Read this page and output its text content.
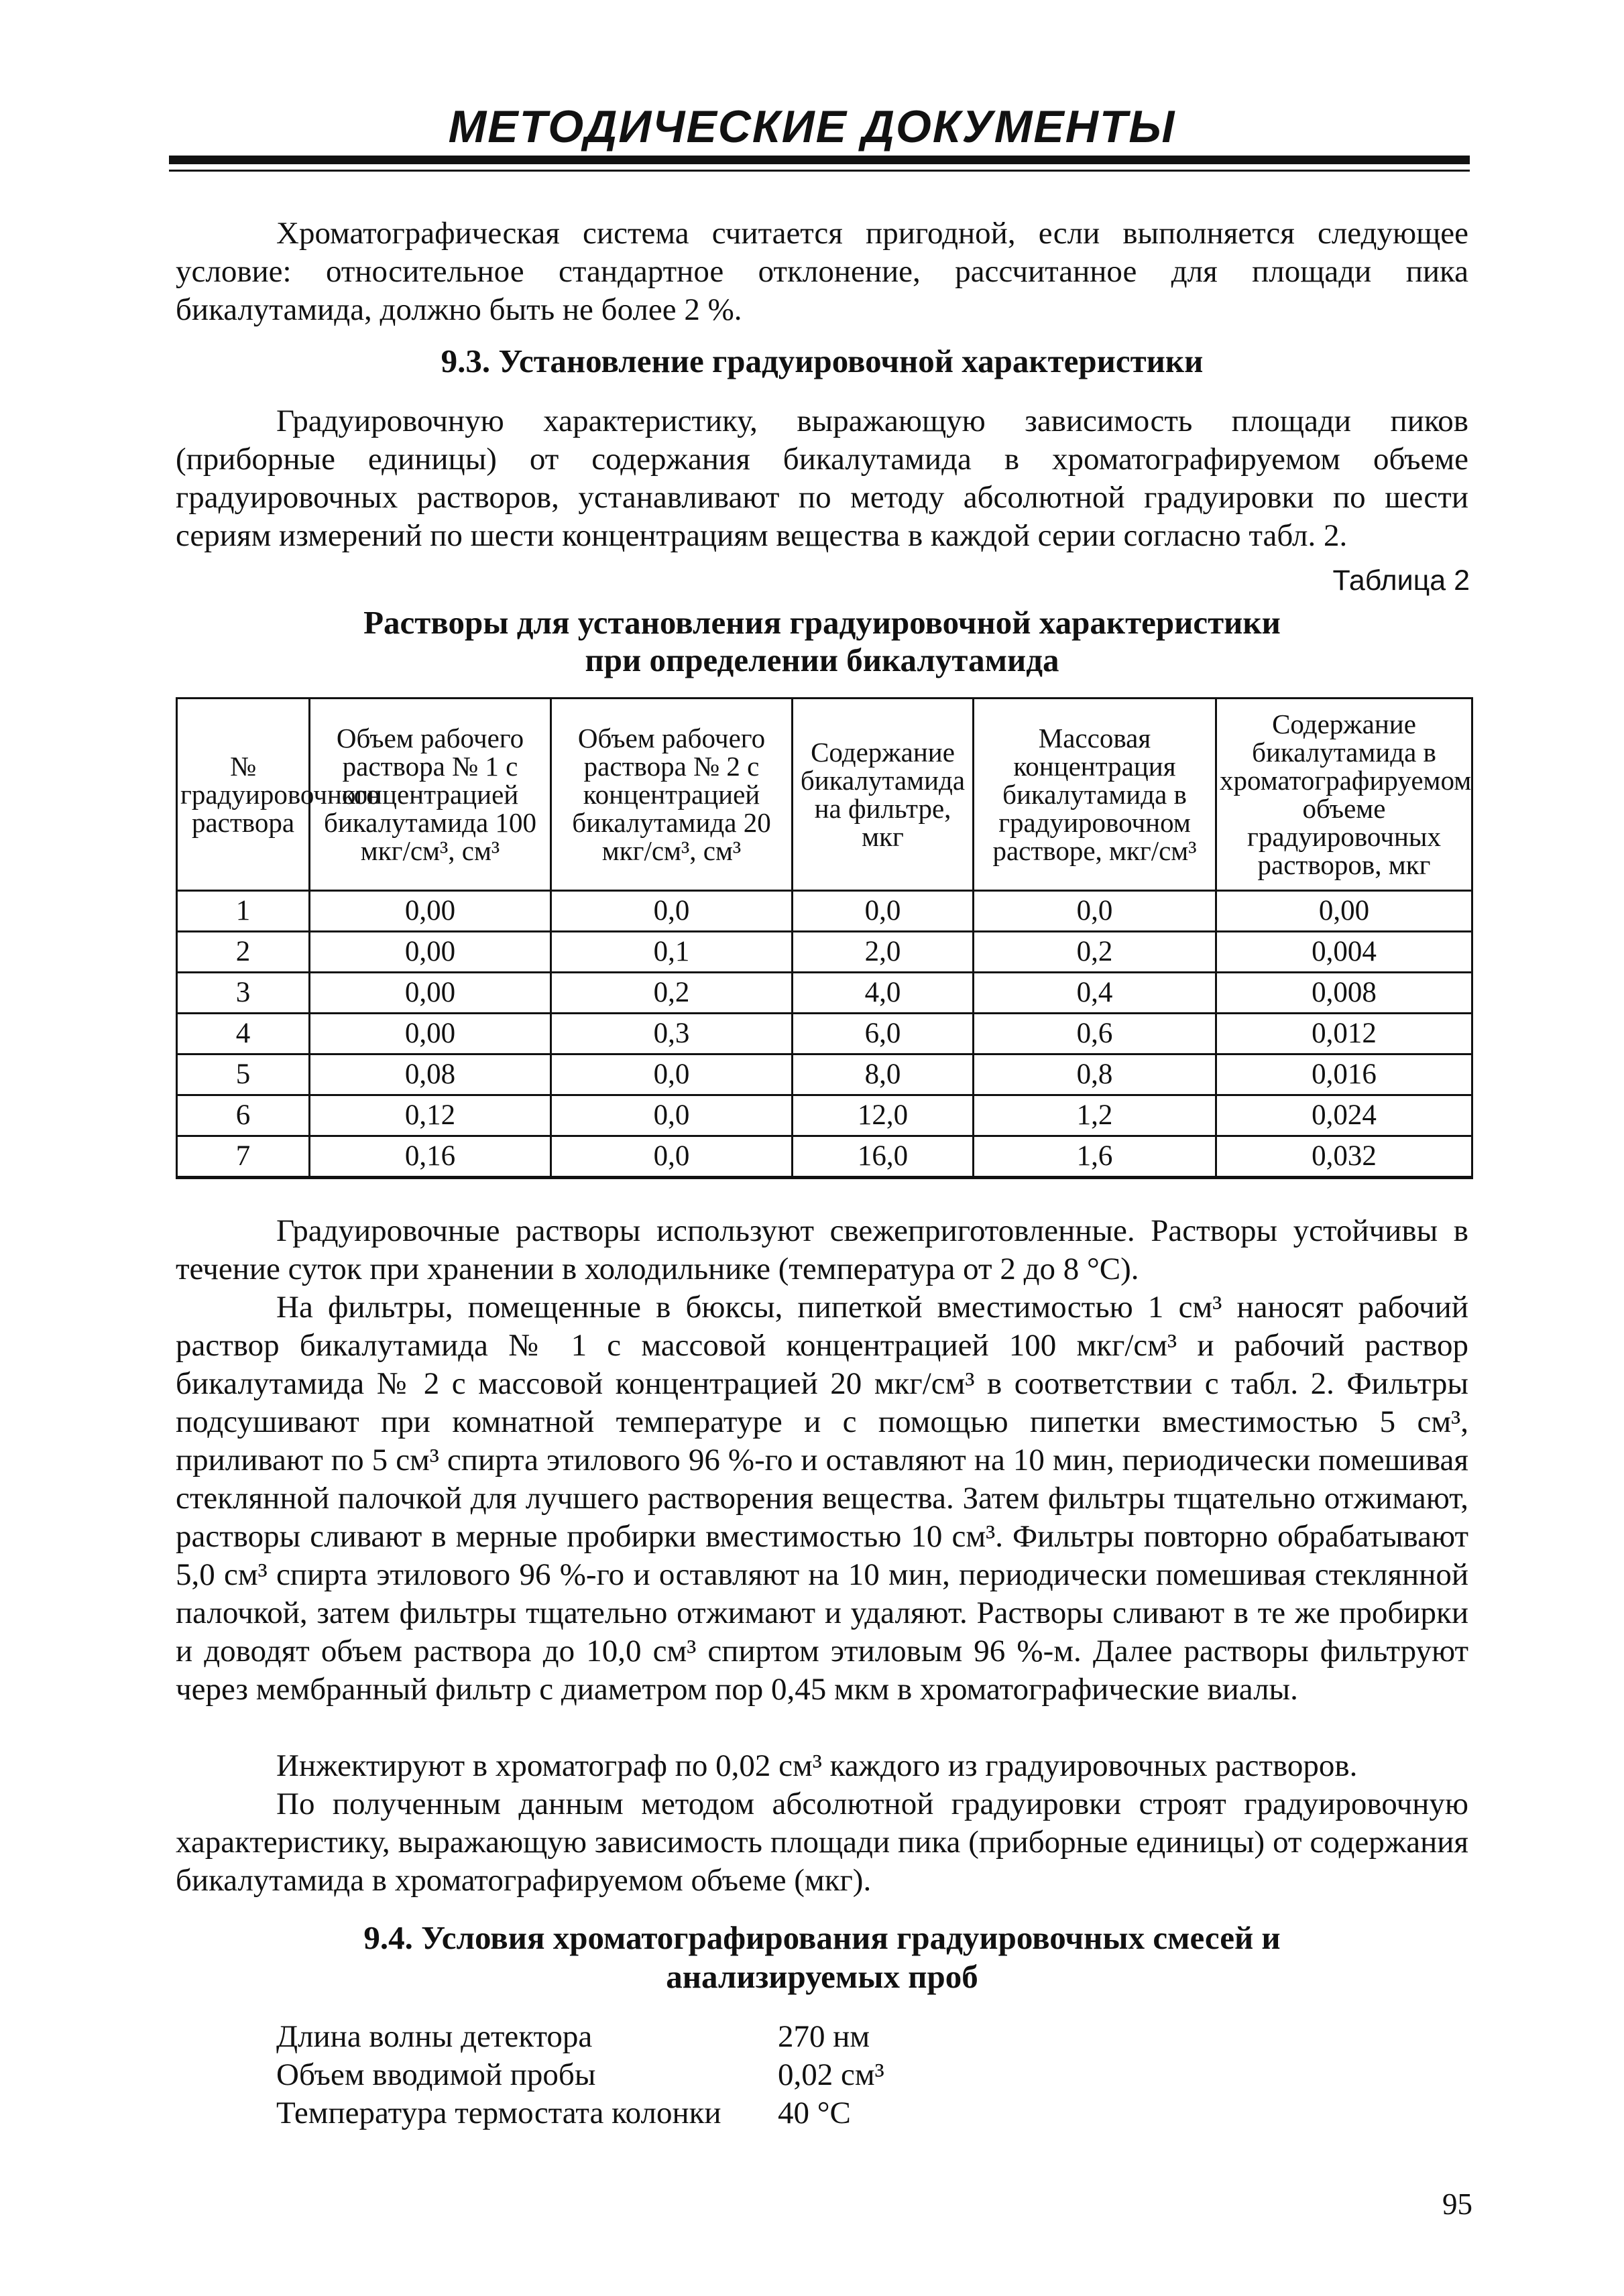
МЕТОДИЧЕСКИЕ ДОКУМЕНТЫ

Хроматографическая система считается пригодной, если выполняется следующее условие: относительное стандартное отклонение, рассчитанное для площади пика бикалутамида, должно быть не более 2 %.

9.3. Установление градуировочной характеристики

Градуировочную характеристику, выражающую зависимость площади пиков (приборные единицы) от содержания бикалутамида в хроматографируемом объеме градуировочных растворов, устанавливают по методу абсолютной градуировки по шести сериям измерений по шести концентрациям вещества в каждой серии согласно табл. 2.

Таблица 2

Растворы для установления градуировочной характеристики

при определении бикалутамида

№ градуировочного раствора	Объем рабочего раствора № 1 с концентрацией бикалутамида 100 мкг/см³, см³	Объем рабочего раствора № 2 с концентрацией бикалутамида 20 мкг/см³, см³	Содержание бикалутамида на фильтре, мкг	Массовая концентрация бикалутамида в градуировочном растворе, мкг/см³	Содержание бикалутамида в хроматографируемом объеме градуировочных растворов, мкг
1	0,00	0,0	0,0	0,0	0,00
2	0,00	0,1	2,0	0,2	0,004
3	0,00	0,2	4,0	0,4	0,008
4	0,00	0,3	6,0	0,6	0,012
5	0,08	0,0	8,0	0,8	0,016
6	0,12	0,0	12,0	1,2	0,024
7	0,16	0,0	16,0	1,6	0,032

Градуировочные растворы используют свежеприготовленные. Растворы устойчивы в течение суток при хранении в холодильнике (температура от 2 до 8 °С).

На фильтры, помещенные в бюксы, пипеткой вместимостью 1 см³ наносят рабочий раствор бикалутамида № 1 с массовой концентрацией 100 мкг/см³ и рабочий раствор бикалутамида № 2 с массовой концентрацией 20 мкг/см³ в соответствии с табл. 2. Фильтры подсушивают при комнатной температуре и с помощью пипетки вместимостью 5 см³, приливают по 5 см³ спирта этилового 96 %-го и оставляют на 10 мин, периодически помешивая стеклянной палочкой для лучшего растворения вещества. Затем фильтры тщательно отжимают, растворы сливают в мерные пробирки вместимостью 10 см³. Фильтры повторно обрабатывают 5,0 см³ спирта этилового 96 %-го и оставляют на 10 мин, периодически помешивая стеклянной палочкой, затем фильтры тщательно отжимают и удаляют. Растворы сливают в те же пробирки и доводят объем раствора до 10,0 см³ спиртом этиловым 96 %-м. Далее растворы фильтруют через мембранный фильтр с диаметром пор 0,45 мкм в хроматографические виалы.

Инжектируют в хроматограф по 0,02 см³ каждого из градуировочных растворов.

По полученным данным методом абсолютной градуировки строят градуировочную характеристику, выражающую зависимость площади пика (приборные единицы) от содержания бикалутамида в хроматографируемом объеме (мкг).

9.4. Условия хроматографирования градуировочных смесей и

анализируемых проб

Длина волны детектора	270 нм
Объем вводимой пробы	0,02 см³
Температура термостата колонки 40 °С
95
